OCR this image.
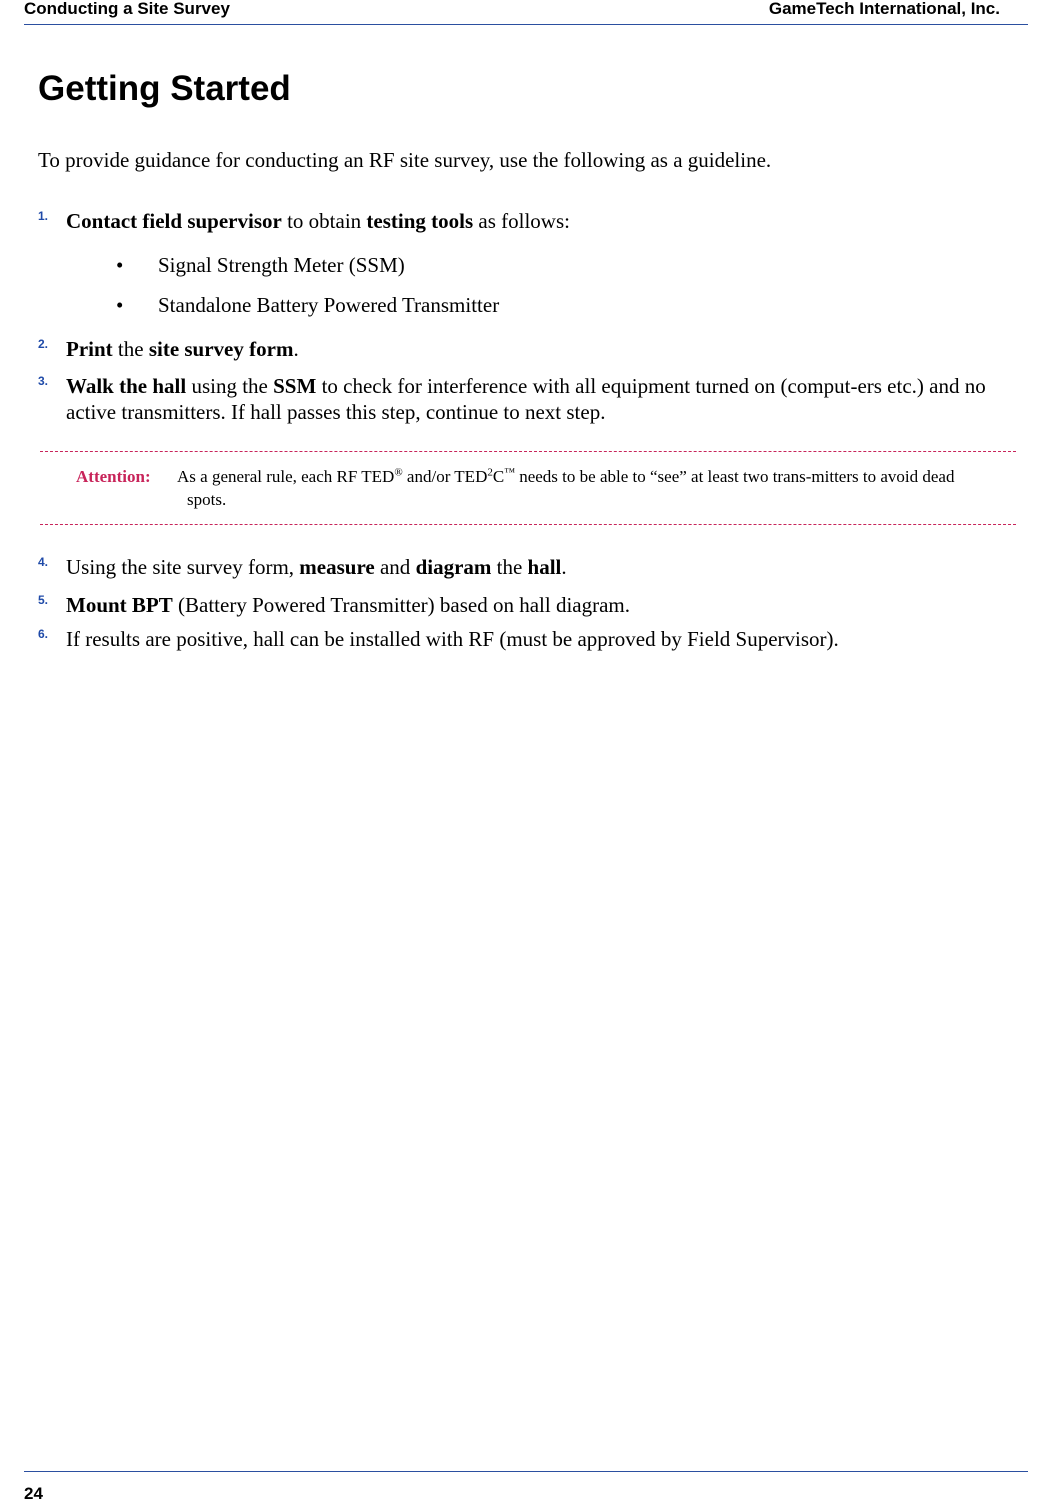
Conducting a Site Survey	GameTech International, Inc.
Getting Started
To provide guidance for conducting an RF site survey, use the following as a guideline.
1. Contact field supervisor to obtain testing tools as follows:
• Signal Strength Meter (SSM)
• Standalone Battery Powered Transmitter
2. Print the site survey form.
3. Walk the hall using the SSM to check for interference with all equipment turned on (comput-ers etc.) and no active transmitters. If hall passes this step, continue to next step.
Attention: As a general rule, each RF TED® and/or TED$^2$C™ needs to be able to “see” at least two trans-mitters to avoid dead spots.
4. Using the site survey form, measure and diagram the hall.
5. Mount BPT (Battery Powered Transmitter) based on hall diagram.
6. If results are positive, hall can be installed with RF (must be approved by Field Supervisor).
24
